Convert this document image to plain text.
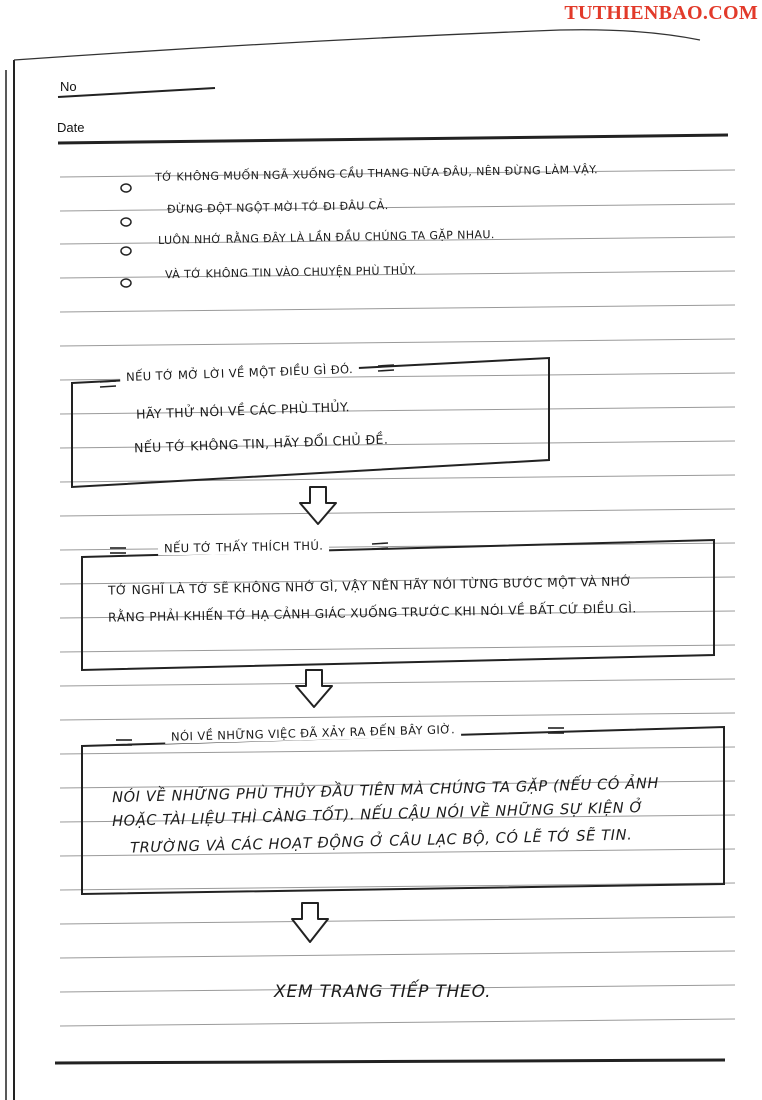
TUTHIENBAO.COM
No
Date
TỚ KHÔNG MUỐN NGÃ XUỐNG CẦU THANG NỮA ĐÂU, NÊN ĐỪNG LÀM VẬY.
ĐỪNG ĐỘT NGỘT MỜI TỚ ĐI ĐÂU CẢ.
LUÔN NHỚ RẰNG ĐÂY LÀ LẦN ĐẦU CHÚNG TA GẶP NHAU.
VÀ TỚ KHÔNG TIN VÀO CHUYỆN PHÙ THỦY.
NẾU TỚ MỞ LỜI VỀ MỘT ĐIỀU GÌ ĐÓ.
HÃY THỬ NÓI VỀ CÁC PHÙ THỦY.
NẾU TỚ KHÔNG TIN, HÃY ĐỔI CHỦ ĐỀ.
NẾU TỚ THẤY THÍCH THÚ.
TỚ NGHĨ LÀ TỚ SẼ KHÔNG NHỚ GÌ, VẬY NÊN HÃY NÓI TỪNG BƯỚC MỘT VÀ NHỚ
RẰNG PHẢI KHIẾN TỚ HẠ CẢNH GIÁC XUỐNG TRƯỚC KHI NÓI VỀ BẤT CỨ ĐIỀU GÌ.
NÓI VỀ NHỮNG VIỆC ĐÃ XẢY RA ĐẾN BÂY GIỜ.
NÓI VỀ NHỮNG PHÙ THỦY ĐẦU TIÊN MÀ CHÚNG TA GẶP (NẾU CÓ ẢNH
HOẶC TÀI LIỆU THÌ CÀNG TỐT). NẾU CẬU NÓI VỀ NHỮNG SỰ KIỆN Ở
TRƯỜNG VÀ CÁC HOẠT ĐỘNG Ở CÂU LẠC BỘ, CÓ LẼ TỚ SẼ TIN.
XEM TRANG TIẾP THEO.
